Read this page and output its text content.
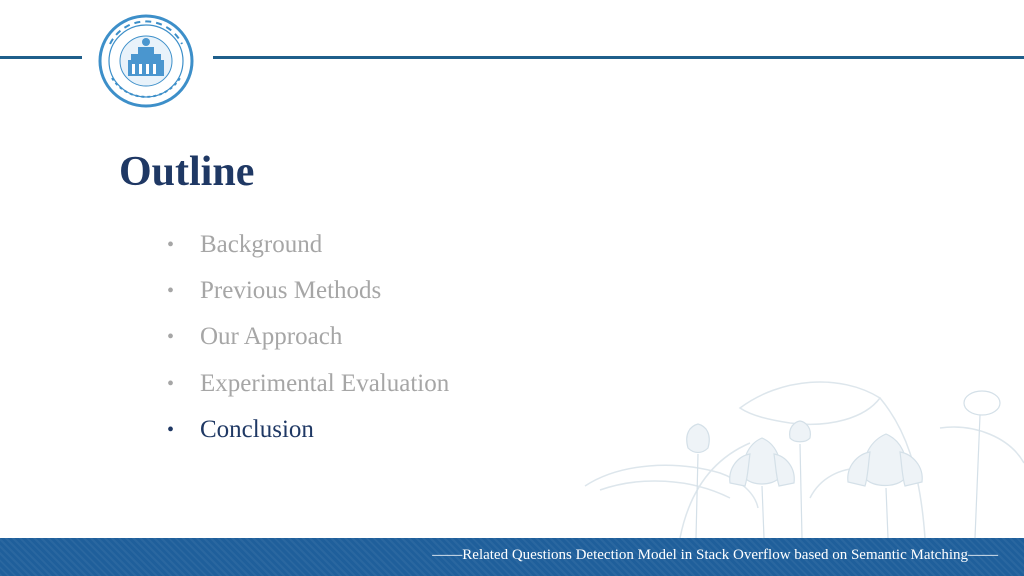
Outline
•	Background
•	Previous Methods
•	Our Approach
•	Experimental Evaluation
•	Conclusion
——Related Questions Detection Model in Stack Overflow based on Semantic Matching——
